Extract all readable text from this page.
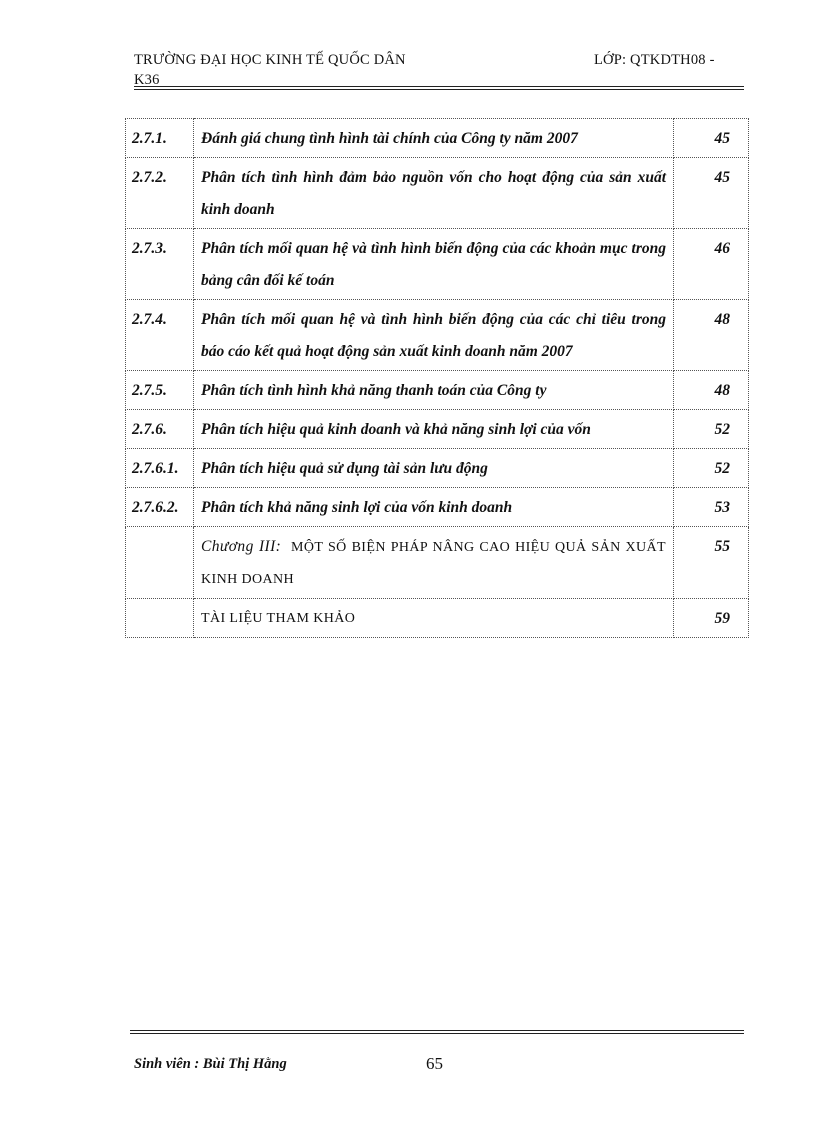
TRƯỜNG ĐẠI HỌC KINH TẾ QUỐC DÂN	LỚP: QTKDTH08 -
K36
2.7.1.	Đánh giá chung tình hình tài chính của Công ty năm 2007	45
2.7.2.	Phân tích tình hình đảm bảo nguồn vốn cho hoạt động của sản xuất kinh doanh	45
2.7.3.	Phân tích mối quan hệ và tình hình biến động của các khoản mục trong bảng cân đối kế toán	46
2.7.4.	Phân tích mối quan hệ và tình hình biến động của các chỉ tiêu trong báo cáo kết quả hoạt động sản xuất kinh doanh năm 2007	48
2.7.5.	Phân tích tình hình khả năng thanh toán của Công ty	48
2.7.6.	Phân tích hiệu quả kinh doanh và khả năng sinh lợi của vốn	52
2.7.6.1.	Phân tích hiệu quả sử dụng tài sản lưu động	52
2.7.6.2.	Phân tích khả năng sinh lợi của vốn kinh doanh	53
	Chương III: MỘT SỐ BIỆN PHÁP NÂNG CAO HIỆU QUẢ SẢN XUẤT KINH DOANH	55
	TÀI LIỆU THAM KHẢO	59
Sinh viên : Bùi Thị Hằng	65
